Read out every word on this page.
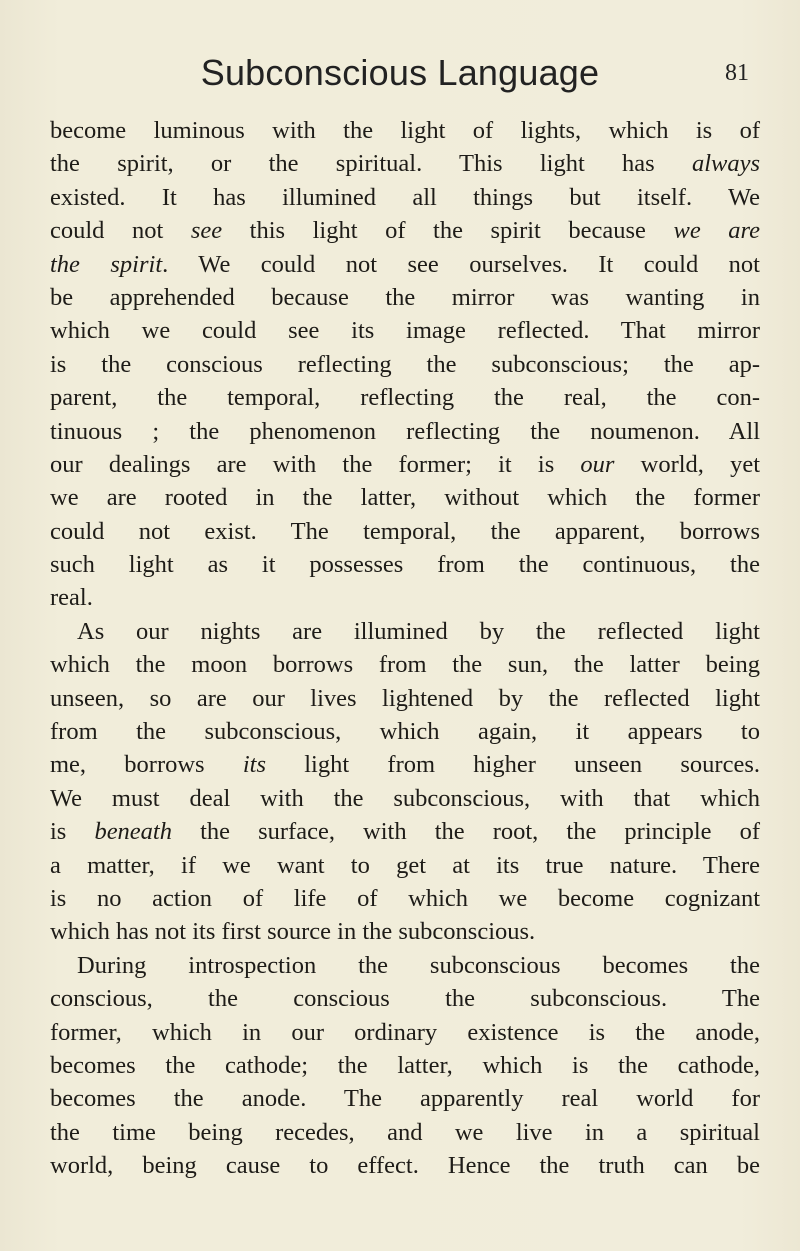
Subconscious Language	81
become luminous with the light of lights, which is of
the spirit, or the spiritual. This light has always
existed. It has illumined all things but itself. We
could not see this light of the spirit because we are
the spirit. We could not see ourselves. It could not
be apprehended because the mirror was wanting in
which we could see its image reflected. That mirror
is the conscious reflecting the subconscious; the ap-
parent, the temporal, reflecting the real, the con-
tinuous ; the phenomenon reflecting the noumenon. All
our dealings are with the former; it is our world, yet
we are rooted in the latter, without which the former
could not exist. The temporal, the apparent, borrows
such light as it possesses from the continuous, the
real.
As our nights are illumined by the reflected light
which the moon borrows from the sun, the latter being
unseen, so are our lives lightened by the reflected light
from the subconscious, which again, it appears to
me, borrows its light from higher unseen sources.
We must deal with the subconscious, with that which
is beneath the surface, with the root, the principle of
a matter, if we want to get at its true nature. There
is no action of life of which we become cognizant
which has not its first source in the subconscious.
During introspection the subconscious becomes the
conscious, the conscious the subconscious. The
former, which in our ordinary existence is the anode,
becomes the cathode; the latter, which is the cathode,
becomes the anode. The apparently real world for
the time being recedes, and we live in a spiritual
world, being cause to effect. Hence the truth can be
